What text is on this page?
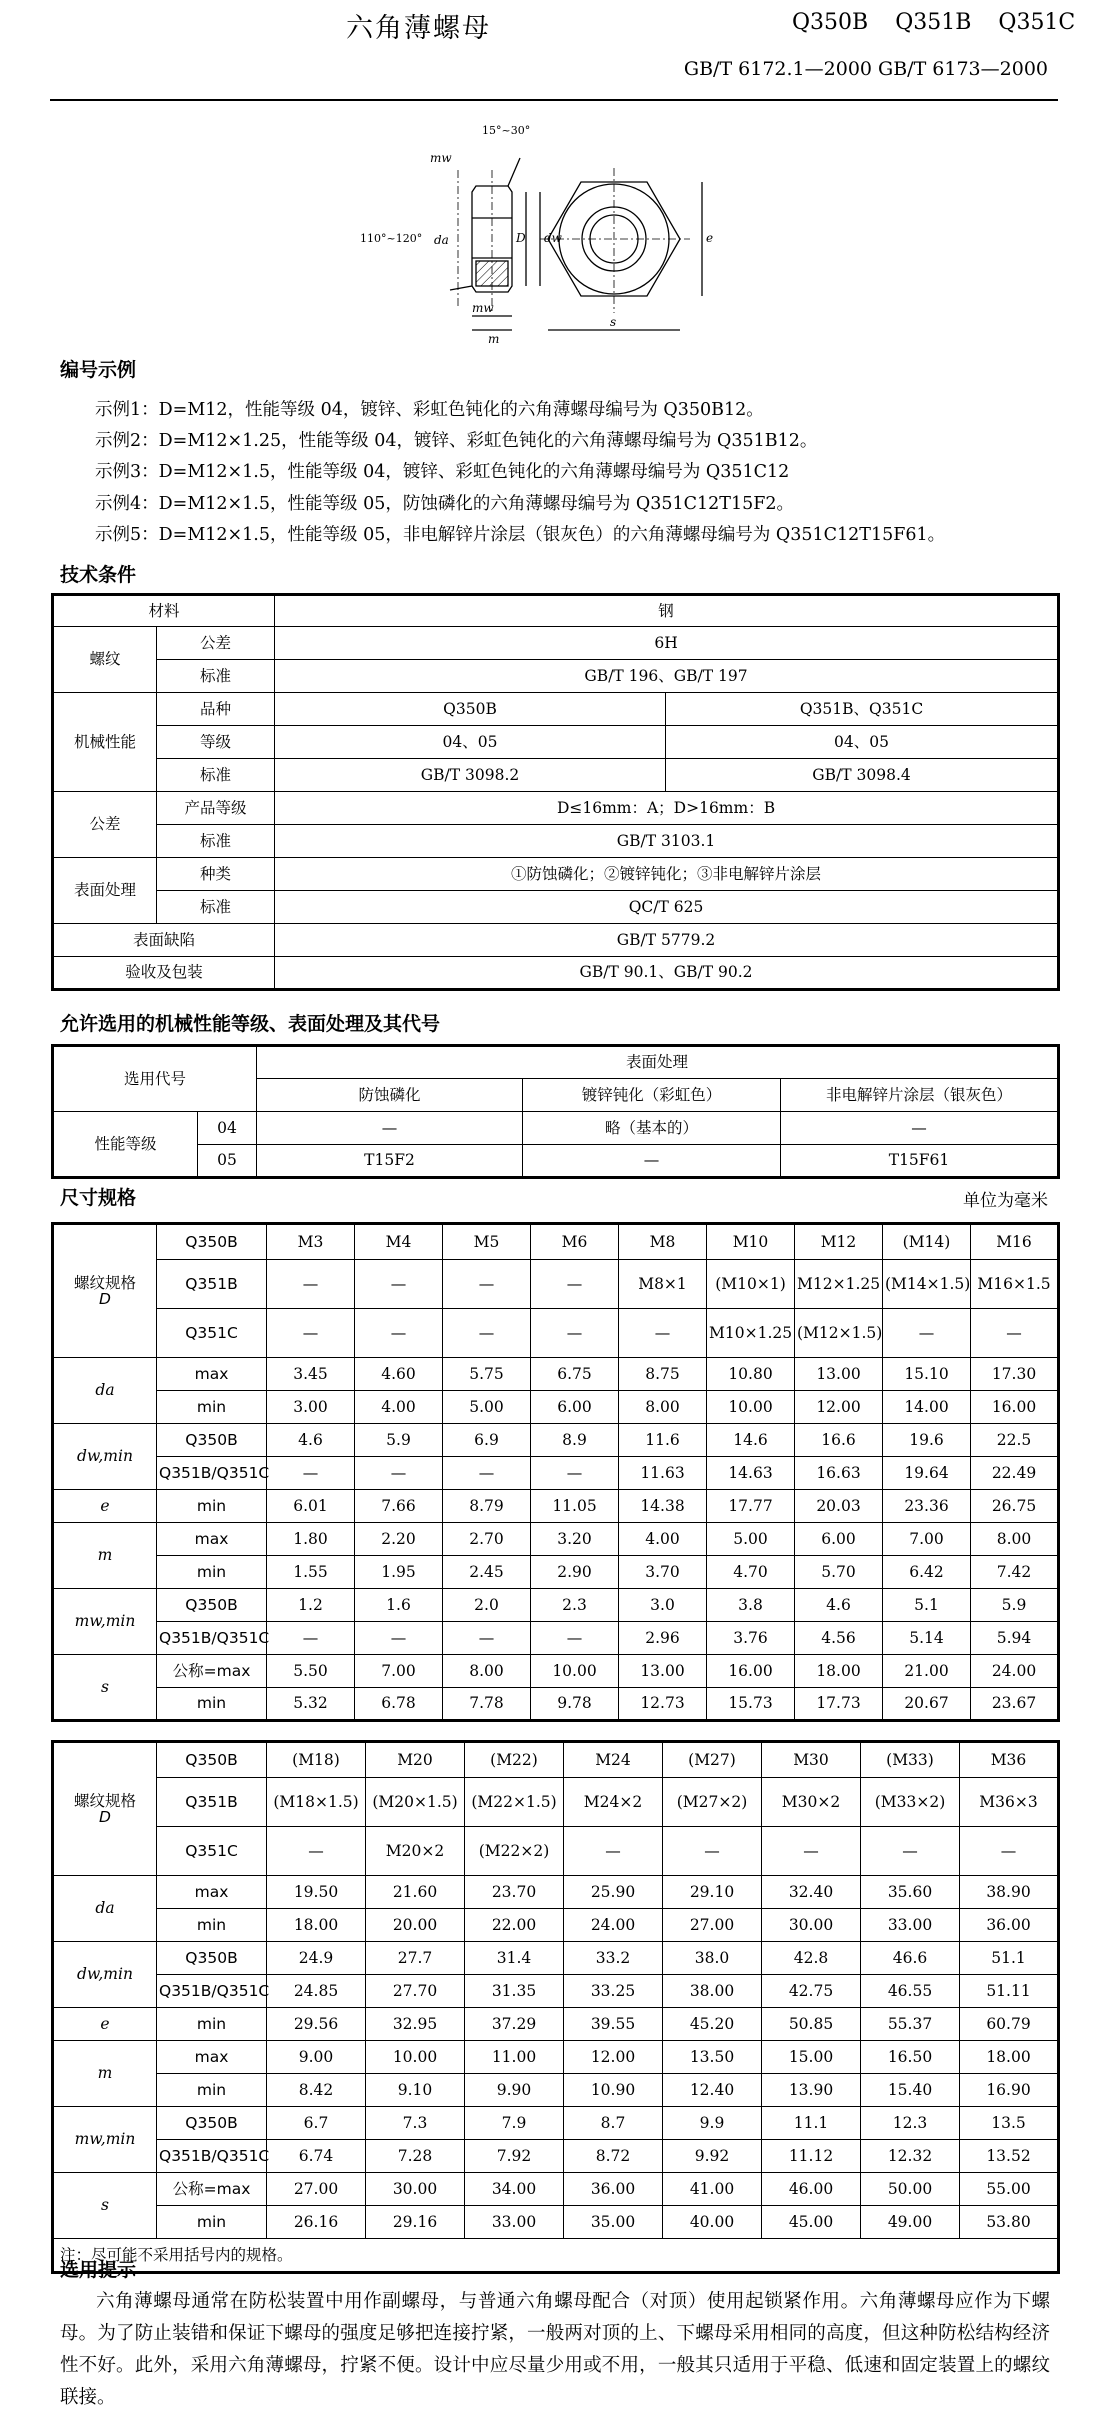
六角薄螺母	Q350B Q351B Q351C
GB/T 6172.1—2000 GB/T 6173—2000
15°~30°
110°~120°
mw
da	D dw
mw
m
s
e
编号示例
示例1：D=M12，性能等级 04，镀锌、彩虹色钝化的六角薄螺母编号为 Q350B12。
示例2：D=M12×1.25，性能等级 04，镀锌、彩虹色钝化的六角薄螺母编号为 Q351B12。
示例3：D=M12×1.5，性能等级 04，镀锌、彩虹色钝化的六角薄螺母编号为 Q351C12
示例4：D=M12×1.5，性能等级 05，防蚀磷化的六角薄螺母编号为 Q351C12T15F2。
示例5：D=M12×1.5，性能等级 05，非电解锌片涂层（银灰色）的六角薄螺母编号为 Q351C12T15F61。
技术条件
材料		钢	
螺纹	公差	6H	
	标准	GB/T 196、GB/T 197	
机械性能	品种	Q350B	Q351B、Q351C
	等级	04、05	04、05
	标准	GB/T 3098.2	GB/T 3098.4
公差	产品等级	D≤16mm：A；D>16mm：B	
	标准	GB/T 3103.1	
表面处理	种类	①防蚀磷化；②镀锌钝化；③非电解锌片涂层	
	标准	QC/T 625	
表面缺陷		GB/T 5779.2	
验收及包装		GB/T 90.1、GB/T 90.2	
允许选用的机械性能等级、表面处理及其代号
选用代号		表面处理		
		防蚀磷化	镀锌钝化（彩虹色）	非电解锌片涂层（银灰色）
性能等级	04	—	略（基本的）	—
	05	T15F2	—	T15F61
尺寸规格	单位为毫米
螺纹规格
D	Q350B	M3	M4	M5	M6	M8	M10	M12	(M14)	M16
	Q351B	—	—	—	—	M8×1	(M10×1)	M12×1.25	(M14×1.5)	M16×1.5
	Q351C	—	—	—	—	—	M10×1.25	(M12×1.5)	—	—
da	max	3.45	4.60	5.75	6.75	8.75	10.80	13.00	15.10	17.30
	min	3.00	4.00	5.00	6.00	8.00	10.00	12.00	14.00	16.00
dw,min	Q350B	4.6	5.9	6.9	8.9	11.6	14.6	16.6	19.6	22.5
	Q351B/Q351C	—	—	—	—	11.63	14.63	16.63	19.64	22.49
e	min	6.01	7.66	8.79	11.05	14.38	17.77	20.03	23.36	26.75
m	max	1.80	2.20	2.70	3.20	4.00	5.00	6.00	7.00	8.00
	min	1.55	1.95	2.45	2.90	3.70	4.70	5.70	6.42	7.42
mw,min	Q350B	1.2	1.6	2.0	2.3	3.0	3.8	4.6	5.1	5.9
	Q351B/Q351C	—	—	—	—	2.96	3.76	4.56	5.14	5.94
s	公称=max	5.50	7.00	8.00	10.00	13.00	16.00	18.00	21.00	24.00
	min	5.32	6.78	7.78	9.78	12.73	15.73	17.73	20.67	23.67
螺纹规格
D	Q350B	(M18)	M20	(M22)	M24	(M27)	M30	(M33)	M36
	Q351B	(M18×1.5)	(M20×1.5)	(M22×1.5)	M24×2	(M27×2)	M30×2	(M33×2)	M36×3
	Q351C	—	M20×2	(M22×2)	—	—	—	—	—
da	max	19.50	21.60	23.70	25.90	29.10	32.40	35.60	38.90
	min	18.00	20.00	22.00	24.00	27.00	30.00	33.00	36.00
dw,min	Q350B	24.9	27.7	31.4	33.2	38.0	42.8	46.6	51.1
	Q351B/Q351C	24.85	27.70	31.35	33.25	38.00	42.75	46.55	51.11
e	min	29.56	32.95	37.29	39.55	45.20	50.85	55.37	60.79
m	max	9.00	10.00	11.00	12.00	13.50	15.00	16.50	18.00
	min	8.42	9.10	9.90	10.90	12.40	13.90	15.40	16.90
mw,min	Q350B	6.7	7.3	7.9	8.7	9.9	11.1	12.3	13.5
	Q351B/Q351C	6.74	7.28	7.92	8.72	9.92	11.12	12.32	13.52
s	公称=max	27.00	30.00	34.00	36.00	41.00	46.00	50.00	55.00
	min	26.16	29.16	33.00	35.00	40.00	45.00	49.00	53.80
注：尽可能不采用括号内的规格。									
选用提示
六角薄螺母通常在防松装置中用作副螺母，与普通六角螺母配合（对顶）使用起锁紧作用。六角薄螺母应作为下螺母。为了防止装错和保证下螺母的强度足够把连接拧紧，一般两对顶的上、下螺母采用相同的高度，但这种防松结构经济性不好。此外，采用六角薄螺母，拧紧不便。设计中应尽量少用或不用，一般其只适用于平稳、低速和固定装置上的螺纹联接。
